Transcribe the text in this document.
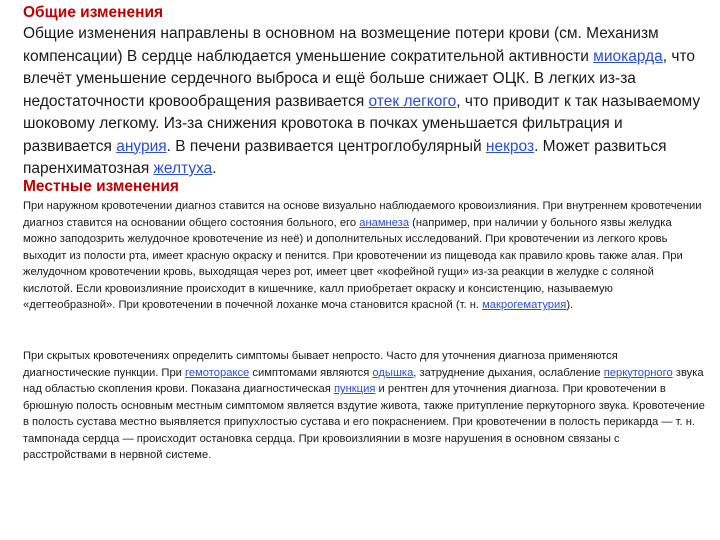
Общие изменения

Общие изменения направлены в основном на возмещение потери крови (см. Механизм компенсации) В сердце наблюдается уменьшение сократительной активности миокарда, что влечёт уменьшение сердечного выброса и ещё больше снижает ОЦК. В легких из-за недостаточности кровообращения развивается отек легкого, что приводит к так называемому шоковому легкому. Из-за снижения кровотока в почках уменьшается фильтрация и развивается анурия. В печени развивается центроглобулярный некроз. Может развиться паренхиматозная желтуха.

Местные изменения

При наружном кровотечении диагноз ставится на основе визуально наблюдаемого кровоизлияния. При внутреннем кровотечении диагноз ставится на основании общего состояния больного, его анамнеза (например, при наличии у больного язвы желудка можно заподозрить желудочное кровотечение из неё) и дополнительных исследований. При кровотечении из легкого кровь выходит из полости рта, имеет красную окраску и пенится. При кровотечении из пищевода как правило кровь также алая. При желудочном кровотечении кровь, выходящая через рот, имеет цвет «кофейной гущи» из-за реакции в желудке с соляной кислотой. Если кровоизлияние происходит в кишечнике, калл приобретает окраску и консистенцию, называемую «дегтеобразной». При кровотечении в почечной лоханке моча становится красной (т. н. макрогематурия).

При скрытых кровотечениях определить симптомы бывает непросто. Часто для уточнения диагноза применяются диагностические пункции. При гемотораксе симптомами являются одышка, затруднение дыхания, ослабление перкуторного звука над областью скопления крови. Показана диагностическая пункция и рентген для уточнения диагноза. При кровотечении в брюшную полость основным местным симптомом является вздутие живота, также притупление перкуторного звука. Кровотечение в полость сустава местно выявляется припухлостью сустава и его покраснением. При кровотечении в полость перикарда — т. н. тампонада сердца — происходит остановка сердца. При кровоизлиянии в мозге нарушения в основном связаны с расстройствами в нервной системе.
